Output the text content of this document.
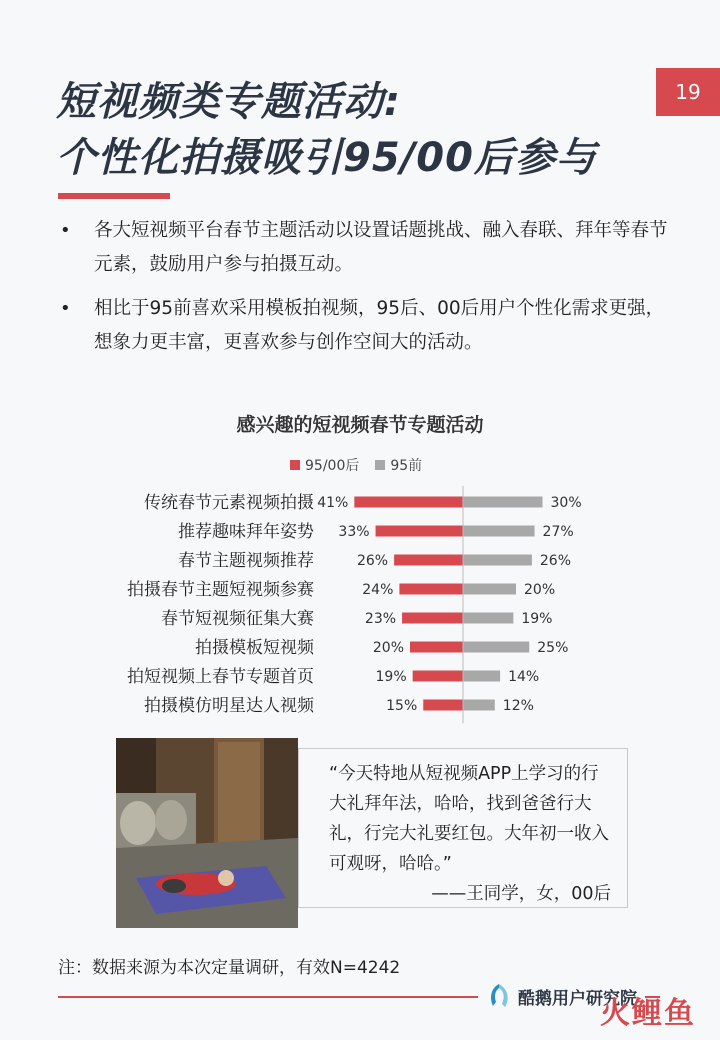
19
短视频类专题活动:
个性化拍摄吸引95/00后参与
•	各大短视频平台春节主题活动以设置话题挑战、融入春联、拜年等春节元素，鼓励用户参与拍摄互动。
•	相比于95前喜欢采用模板拍视频，95后、00后用户个性化需求更强，想象力更丰富，更喜欢参与创作空间大的活动。
感兴趣的短视频春节专题活动
95/00后 95前
传统春节元素视频拍摄 41%	30%
推荐趣味拜年姿势 33%	27%
春节主题视频推荐	26%	26%
拍摄春节主题短视频参赛	24%	20%
春节短视频征集大赛	23%	19%
拍摄模板短视频	20%	25%
拍短视频上春节专题首页	19%	14%
拍摄模仿明星达人视频	15%	12%
“今天特地从短视频APP上学习的行大礼拜年法，哈哈，找到爸爸行大礼，行完大礼要红包。大年初一收入可观呀，哈哈。”
——王同学，女，00后
注：数据来源为本次定量调研，有效N=4242
酷鹅用户研究院
火鲤鱼
